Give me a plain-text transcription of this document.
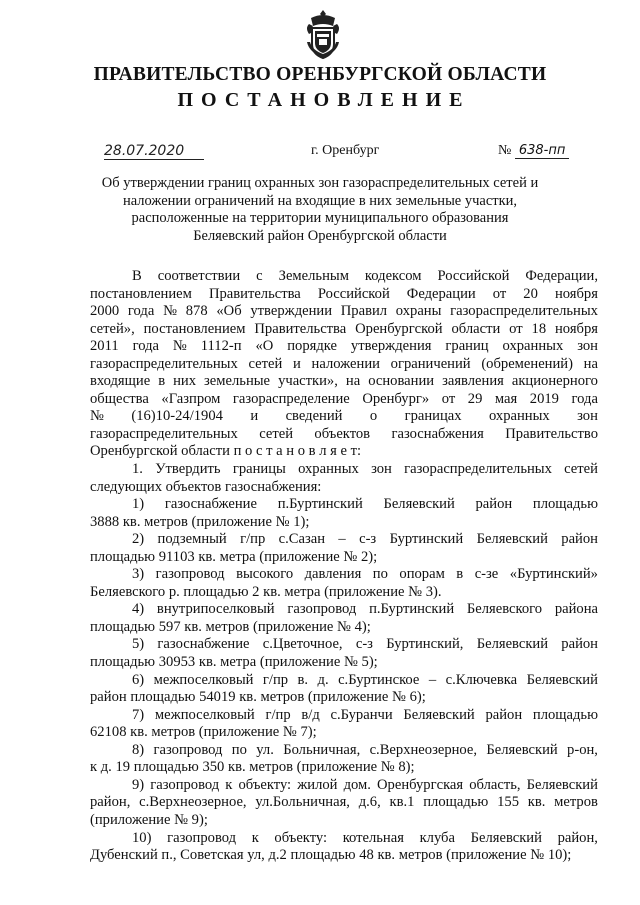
ПРАВИТЕЛЬСТВО ОРЕНБУРГСКОЙ ОБЛАСТИ
ПОСТАНОВЛЕНИЕ
28.07.2020	г. Оренбург	№ 638-пп
Об утверждении границ охранных зон газораспределительных сетей и
наложении ограничений на входящие в них земельные участки,
расположенные на территории муниципального образования
Беляевский район Оренбургской области
В соответствии с Земельным кодексом Российской Федерации,
постановлением Правительства Российской Федерации от 20 ноября
2000 года № 878 «Об утверждении Правил охраны газораспределительных
сетей», постановлением Правительства Оренбургской области от 18 ноября
2011 года № 1112-п «О порядке утверждения границ охранных зон
газораспределительных сетей и наложении ограничений (обременений) на
входящие в них земельные участки», на основании заявления акционерного
общества «Газпром газораспределение Оренбург» от 29 мая 2019 года
№ (16)10-24/1904 и сведений о границах охранных зон
газораспределительных сетей объектов газоснабжения Правительство
Оренбургской области п о с т а н о в л я е т:
1. Утвердить границы охранных зон газораспределительных сетей
следующих объектов газоснабжения:
1) газоснабжение п.Буртинский Беляевский район площадью
3888 кв. метров (приложение № 1);
2) подземный г/пр с.Сазан – с-з Буртинский Беляевский район
площадью 91103 кв. метра (приложение № 2);
3) газопровод высокого давления по опорам в с-зе «Буртинский»
Беляевского р. площадью 2 кв. метра (приложение № 3).
4) внутрипоселковый газопровод п.Буртинский Беляевского района
площадью 597 кв. метров (приложение № 4);
5) газоснабжение с.Цветочное, с-з Буртинский, Беляевский район
площадью 30953 кв. метра (приложение № 5);
6) межпоселковый г/пр в. д. с.Буртинское – с.Ключевка Беляевский
район площадью 54019 кв. метров (приложение № 6);
7) межпоселковый г/пр в/д с.Буранчи Беляевский район площадью
62108 кв. метров (приложение № 7);
8) газопровод по ул. Больничная, с.Верхнеозерное, Беляевский р-он,
к д. 19 площадью 350 кв. метров (приложение № 8);
9) газопровод к объекту: жилой дом. Оренбургская область, Беляевский
район, с.Верхнеозерное, ул.Больничная, д.6, кв.1 площадью 155 кв. метров
(приложение № 9);
10) газопровод к объекту: котельная клуба Беляевский район,
Дубенский п., Советская ул, д.2 площадью 48 кв. метров (приложение № 10);
